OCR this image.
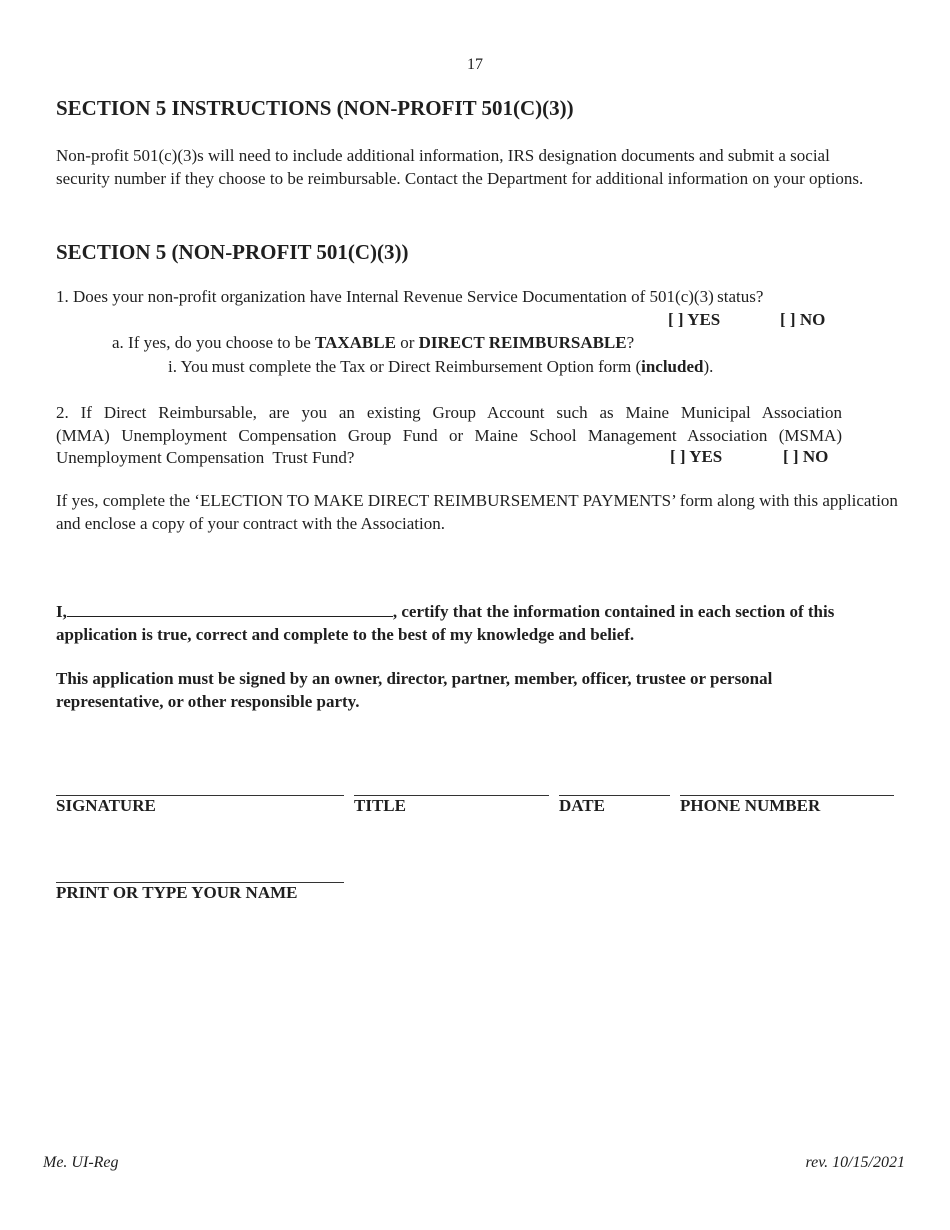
17
SECTION 5 INSTRUCTIONS (NON-PROFIT 501(C)(3))

Non-profit 501(c)(3)s will need to include additional information, IRS designation documents and submit a social security number if they choose to be reimbursable. Contact the Department for additional information on your options.

SECTION 5 (NON-PROFIT 501(C)(3))
1. Does your non-profit organization have Internal Revenue Service Documentation of 501(c)(3) status?
[ ] YES	[ ] NO
a. If yes, do you choose to be TAXABLE or DIRECT REIMBURSABLE?
i. You must complete the Tax or Direct Reimbursement Option form (included).
2. If Direct Reimbursable, are you an existing Group Account such as Maine Municipal Association
(MMA) Unemployment Compensation Group Fund or Maine School Management Association (MSMA)
Unemployment Compensation  Trust Fund?	[ ] YES	[ ] NO

If yes, complete the ‘ELECTION TO MAKE DIRECT REIMBURSEMENT PAYMENTS’ form along with this application and enclose a copy of your contract with the Association.

I,	, certify that the information contained in each section of this application is true, correct and complete to the best of my knowledge and belief.

This application must be signed by an owner, director, partner, member, officer, trustee or personal representative, or other responsible party.

SIGNATURE	TITLE	DATE	PHONE NUMBER
PRINT OR TYPE YOUR NAME
Me. UI-Reg	rev. 10/15/2021
